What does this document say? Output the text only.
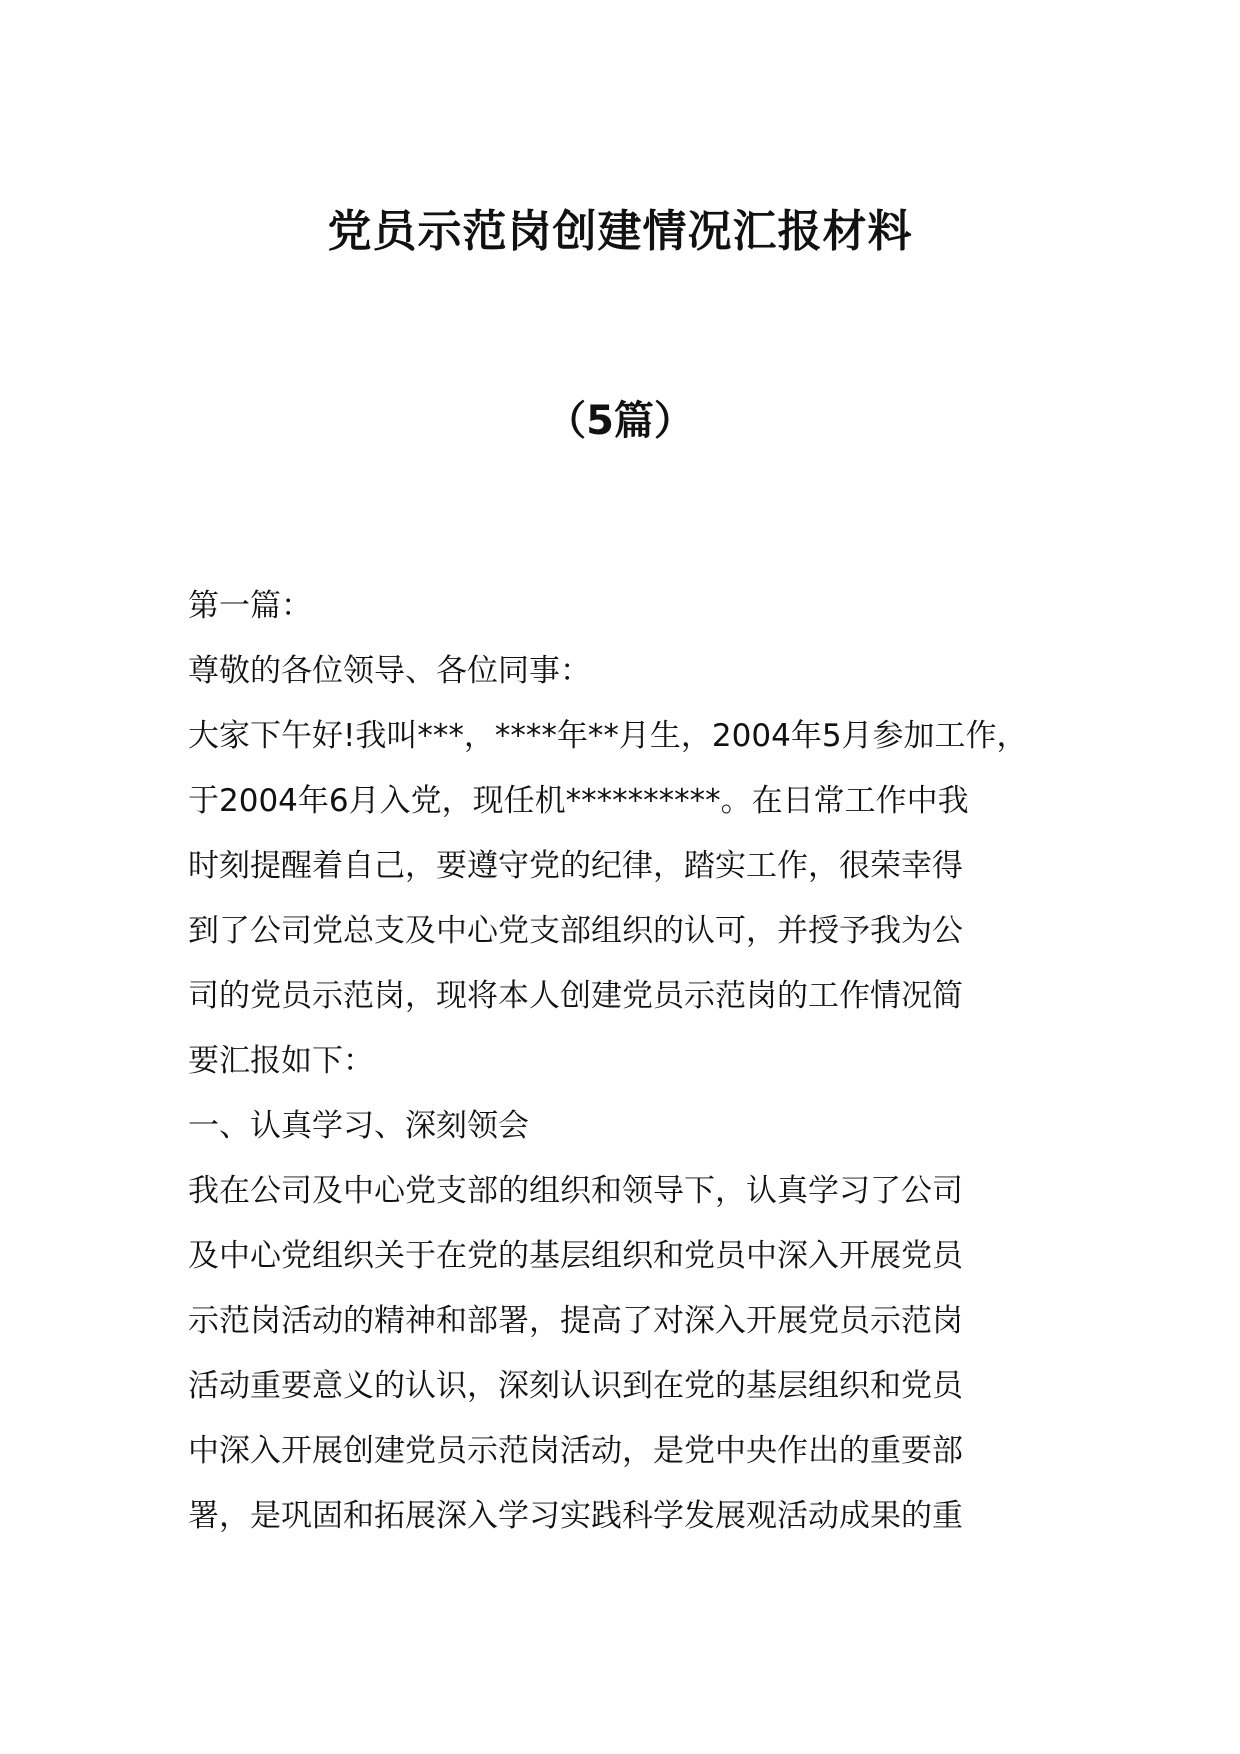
党员示范岗创建情况汇报材料
（5篇）
第一篇：
尊敬的各位领导、各位同事：
大家下午好!我叫***，****年**月生，2004年5月参加工作，
于2004年6月入党，现任机**********。在日常工作中我
时刻提醒着自己，要遵守党的纪律，踏实工作，很荣幸得
到了公司党总支及中心党支部组织的认可，并授予我为公
司的党员示范岗，现将本人创建党员示范岗的工作情况简
要汇报如下：
一、认真学习、深刻领会
我在公司及中心党支部的组织和领导下，认真学习了公司
及中心党组织关于在党的基层组织和党员中深入开展党员
示范岗活动的精神和部署，提高了对深入开展党员示范岗
活动重要意义的认识，深刻认识到在党的基层组织和党员
中深入开展创建党员示范岗活动，是党中央作出的重要部
署，是巩固和拓展深入学习实践科学发展观活动成果的重
